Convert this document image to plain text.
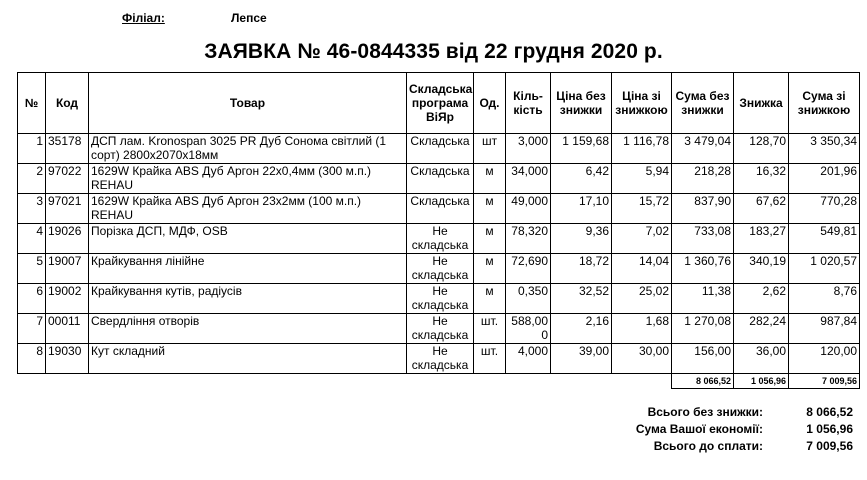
Філіал:	Лепсе
ЗАЯВКА № 46-0844335 від 22 грудня 2020 р.
№	Код	Товар	Складська програма ВіЯр	Од.	Кіль-кість	Ціна без знижки	Ціна зі знижкою	Сума без знижки	Знижка	Сума зі знижкою
1	35178	ДСП лам. Kronospan 3025 PR Дуб Сонома світлий (1 сорт) 2800х2070х18мм	Складська	шт	3,000	1 159,68	1 116,78	3 479,04	128,70	3 350,34
2	97022	1629W Крайка ABS Дуб Аргон 22х0,4мм (300 м.п.) REHAU	Складська	м	34,000	6,42	5,94	218,28	16,32	201,96
3	97021	1629W Крайка ABS Дуб Аргон 23х2мм (100 м.п.) REHAU	Складська	м	49,000	17,10	15,72	837,90	67,62	770,28
4	19026	Порізка ДСП, МДФ, OSB	Не складська	м	78,320	9,36	7,02	733,08	183,27	549,81
5	19007	Крайкування лінійне	Не складська	м	72,690	18,72	14,04	1 360,76	340,19	1 020,57
6	19002	Крайкування кутів, радіусів	Не складська	м	0,350	32,52	25,02	11,38	2,62	8,76
7	00011	Свердління отворів	Не складська	шт.	588,000	2,16	1,68	1 270,08	282,24	987,84
8	19030	Кут складний	Не складська	шт.	4,000	39,00	30,00	156,00	36,00	120,00
								8 066,52	1 056,96	7 009,56
Всього без знижки:	8 066,52
Сума Вашої економії:	1 056,96
Всього до сплати:	7 009,56
